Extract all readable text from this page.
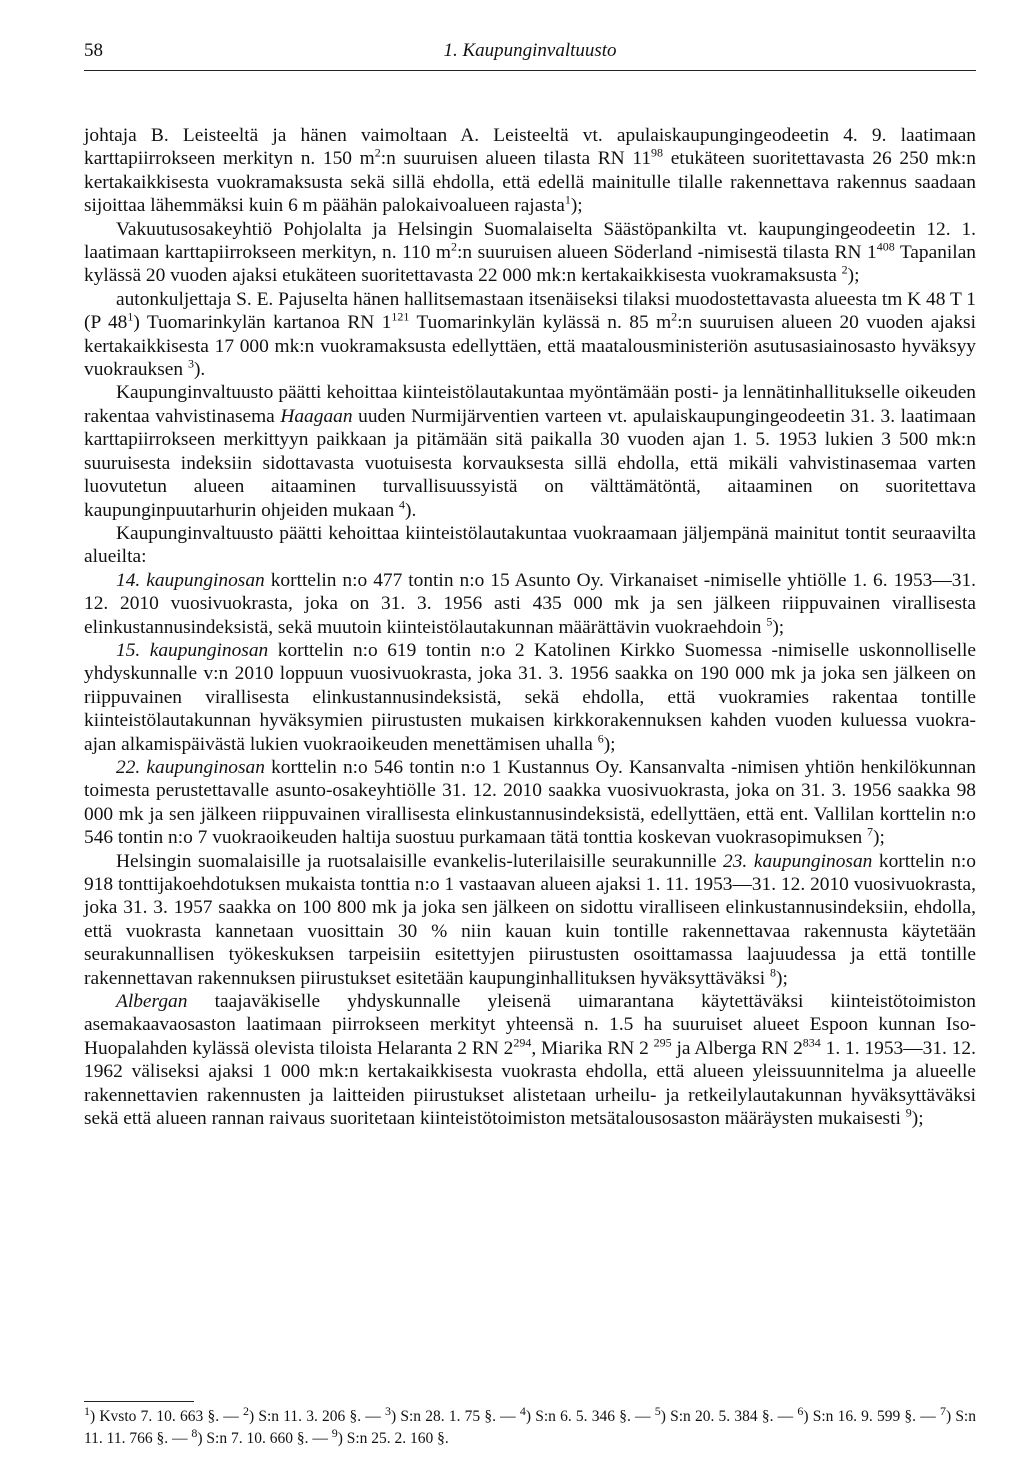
58	1. Kaupunginvaltuusto

johtaja B. Leisteeltä ja hänen vaimoltaan A. Leisteeltä vt. apulaiskaupungingeodeetin 4. 9. laatimaan karttapiirrokseen merkityn n. 150 $m^2:n$ suuruisen alueen tilasta RN $11^{98}$ etukäteen suoritettavasta 26 250 mk:n kertakaikkisesta vuokramaksusta sekä sillä ehdolla, että edellä mainitulle tilalle rakennettava rakennus saadaan sijoittaa lähemmäksi kuin 6 m päähän palokaivoalueen rajasta$^1$);

Vakuutusosakeyhtiö Pohjolalta ja Helsingin Suomalaiselta Säästöpankilta vt. kaupungingeodeetin 12. 1. laatimaan karttapiirrokseen merkityn, n. 110 $m^2:n$ suuruisen alueen Söderland -nimisestä tilasta RN $1^{408}$ Tapanilan kylässä 20 vuoden ajaksi etukäteen suoritettavasta 22 000 mk:n kertakaikkisesta vuokramaksusta $^2$);

autonkuljettaja S. E. Pajuselta hänen hallitsemastaan itsenäiseksi tilaksi muodostettavasta alueesta tm K 48 T 1 (P $48^1$) Tuomarinkylän kartanoa RN $1^{121}$ Tuomarinkylän kylässä n. 85 $m^2:n$ suuruisen alueen 20 vuoden ajaksi kertakaikkisesta 17 000 mk:n vuokramaksusta edellyttäen, että maatalousministeriön asutusasiainosasto hyväksyy vuokrauksen $^3$).

Kaupunginvaltuusto päätti kehoittaa kiinteistölautakuntaa myöntämään posti- ja lennätinhallitukselle oikeuden rakentaa vahvistinasema Haagaan uuden Nurmijärventien varteen vt. apulaiskaupungingeodeetin 31. 3. laatimaan karttapiirrokseen merkittyyn paikkaan ja pitämään sitä paikalla 30 vuoden ajan 1. 5. 1953 lukien 3 500 mk:n suuruisesta indeksiin sidottavasta vuotuisesta korvauksesta sillä ehdolla, että mikäli vahvistinasemaa varten luovutetun alueen aitaaminen turvallisuussyistä on välttämätöntä, aitaaminen on suoritettava kaupunginpuutarhurin ohjeiden mukaan $^4$).

Kaupunginvaltuusto päätti kehoittaa kiinteistölautakuntaa vuokraamaan jäljempänä mainitut tontit seuraavilta alueilta:

14. kaupunginosan korttelin n:o 477 tontin n:o 15 Asunto Oy. Virkanaiset -nimiselle yhtiölle 1. 6. 1953—31. 12. 2010 vuosivuokrasta, joka on 31. 3. 1956 asti 435 000 mk ja sen jälkeen riippuvainen virallisesta elinkustannusindeksistä, sekä muutoin kiinteistölautakunnan määrättävin vuokraehdoin $^5$);

15. kaupunginosan korttelin n:o 619 tontin n:o 2 Katolinen Kirkko Suomessa -nimiselle uskonnolliselle yhdyskunnalle v:n 2010 loppuun vuosivuokrasta, joka 31. 3. 1956 saakka on 190 000 mk ja joka sen jälkeen on riippuvainen virallisesta elinkustannusindeksistä, sekä ehdolla, että vuokramies rakentaa tontille kiinteistölautakunnan hyväksymien piirustusten mukaisen kirkkorakennuksen kahden vuoden kuluessa vuokra-ajan alkamispäivästä lukien vuokraoikeuden menettämisen uhalla $^6$);

22. kaupunginosan korttelin n:o 546 tontin n:o 1 Kustannus Oy. Kansanvalta -nimisen yhtiön henkilökunnan toimesta perustettavalle asunto-osakeyhtiölle 31. 12. 2010 saakka vuosivuokrasta, joka on 31. 3. 1956 saakka 98 000 mk ja sen jälkeen riippuvainen virallisesta elinkustannusindeksistä, edellyttäen, että ent. Vallilan korttelin n:o 546 tontin n:o 7 vuokraoikeuden haltija suostuu purkamaan tätä tonttia koskevan vuokrasopimuksen $^7$);

Helsingin suomalaisille ja ruotsalaisille evankelis-luterilaisille seurakunnille 23. kaupunginosan korttelin n:o 918 tonttijakoehdotuksen mukaista tonttia n:o 1 vastaavan alueen ajaksi 1. 11. 1953—31. 12. 2010 vuosivuokrasta, joka 31. 3. 1957 saakka on 100 800 mk ja joka sen jälkeen on sidottu viralliseen elinkustannusindeksiin, ehdolla, että vuokrasta kannetaan vuosittain 30 % niin kauan kuin tontille rakennettavaa rakennusta käytetään seurakunnallisen työkeskuksen tarpeisiin esitettyjen piirustusten osoittamassa laajuudessa ja että tontille rakennettavan rakennuksen piirustukset esitetään kaupunginhallituksen hyväksyttäväksi $^8$);

Albergan taajaväkiselle yhdyskunnalle yleisenä uimarantana käytettäväksi kiinteistötoimiston asemakaavaosaston laatimaan piirrokseen merkityt yhteensä n. 1.5 ha suuruiset alueet Espoon kunnan Iso-Huopalahden kylässä olevista tiloista Helaranta 2 RN $2^{294}$, Miarika RN 2 $^{295}$ ja Alberga RN $2^{834}$ 1. 1. 1953—31. 12. 1962 väliseksi ajaksi 1 000 mk:n kertakaikkisesta vuokrasta ehdolla, että alueen yleissuunnitelma ja alueelle rakennettavien rakennusten ja laitteiden piirustukset alistetaan urheilu- ja retkeilylautakunnan hyväksyttäväksi sekä että alueen rannan raivaus suoritetaan kiinteistötoimiston metsätalousosaston määräysten mukaisesti $^9$);

$^1$) Kvsto 7. 10. 663 §. — $^2$) S:n 11. 3. 206 §. — $^3$) S:n 28. 1. 75 §. — $^4$) S:n 6. 5. 346 §. — $^5$) S:n 20. 5. 384 §. — $^6$) S:n 16. 9. 599 §. — $^7$) S:n 11. 11. 766 §. — $^8$) S:n 7. 10. 660 §. — $^9$) S:n 25. 2. 160 §.
